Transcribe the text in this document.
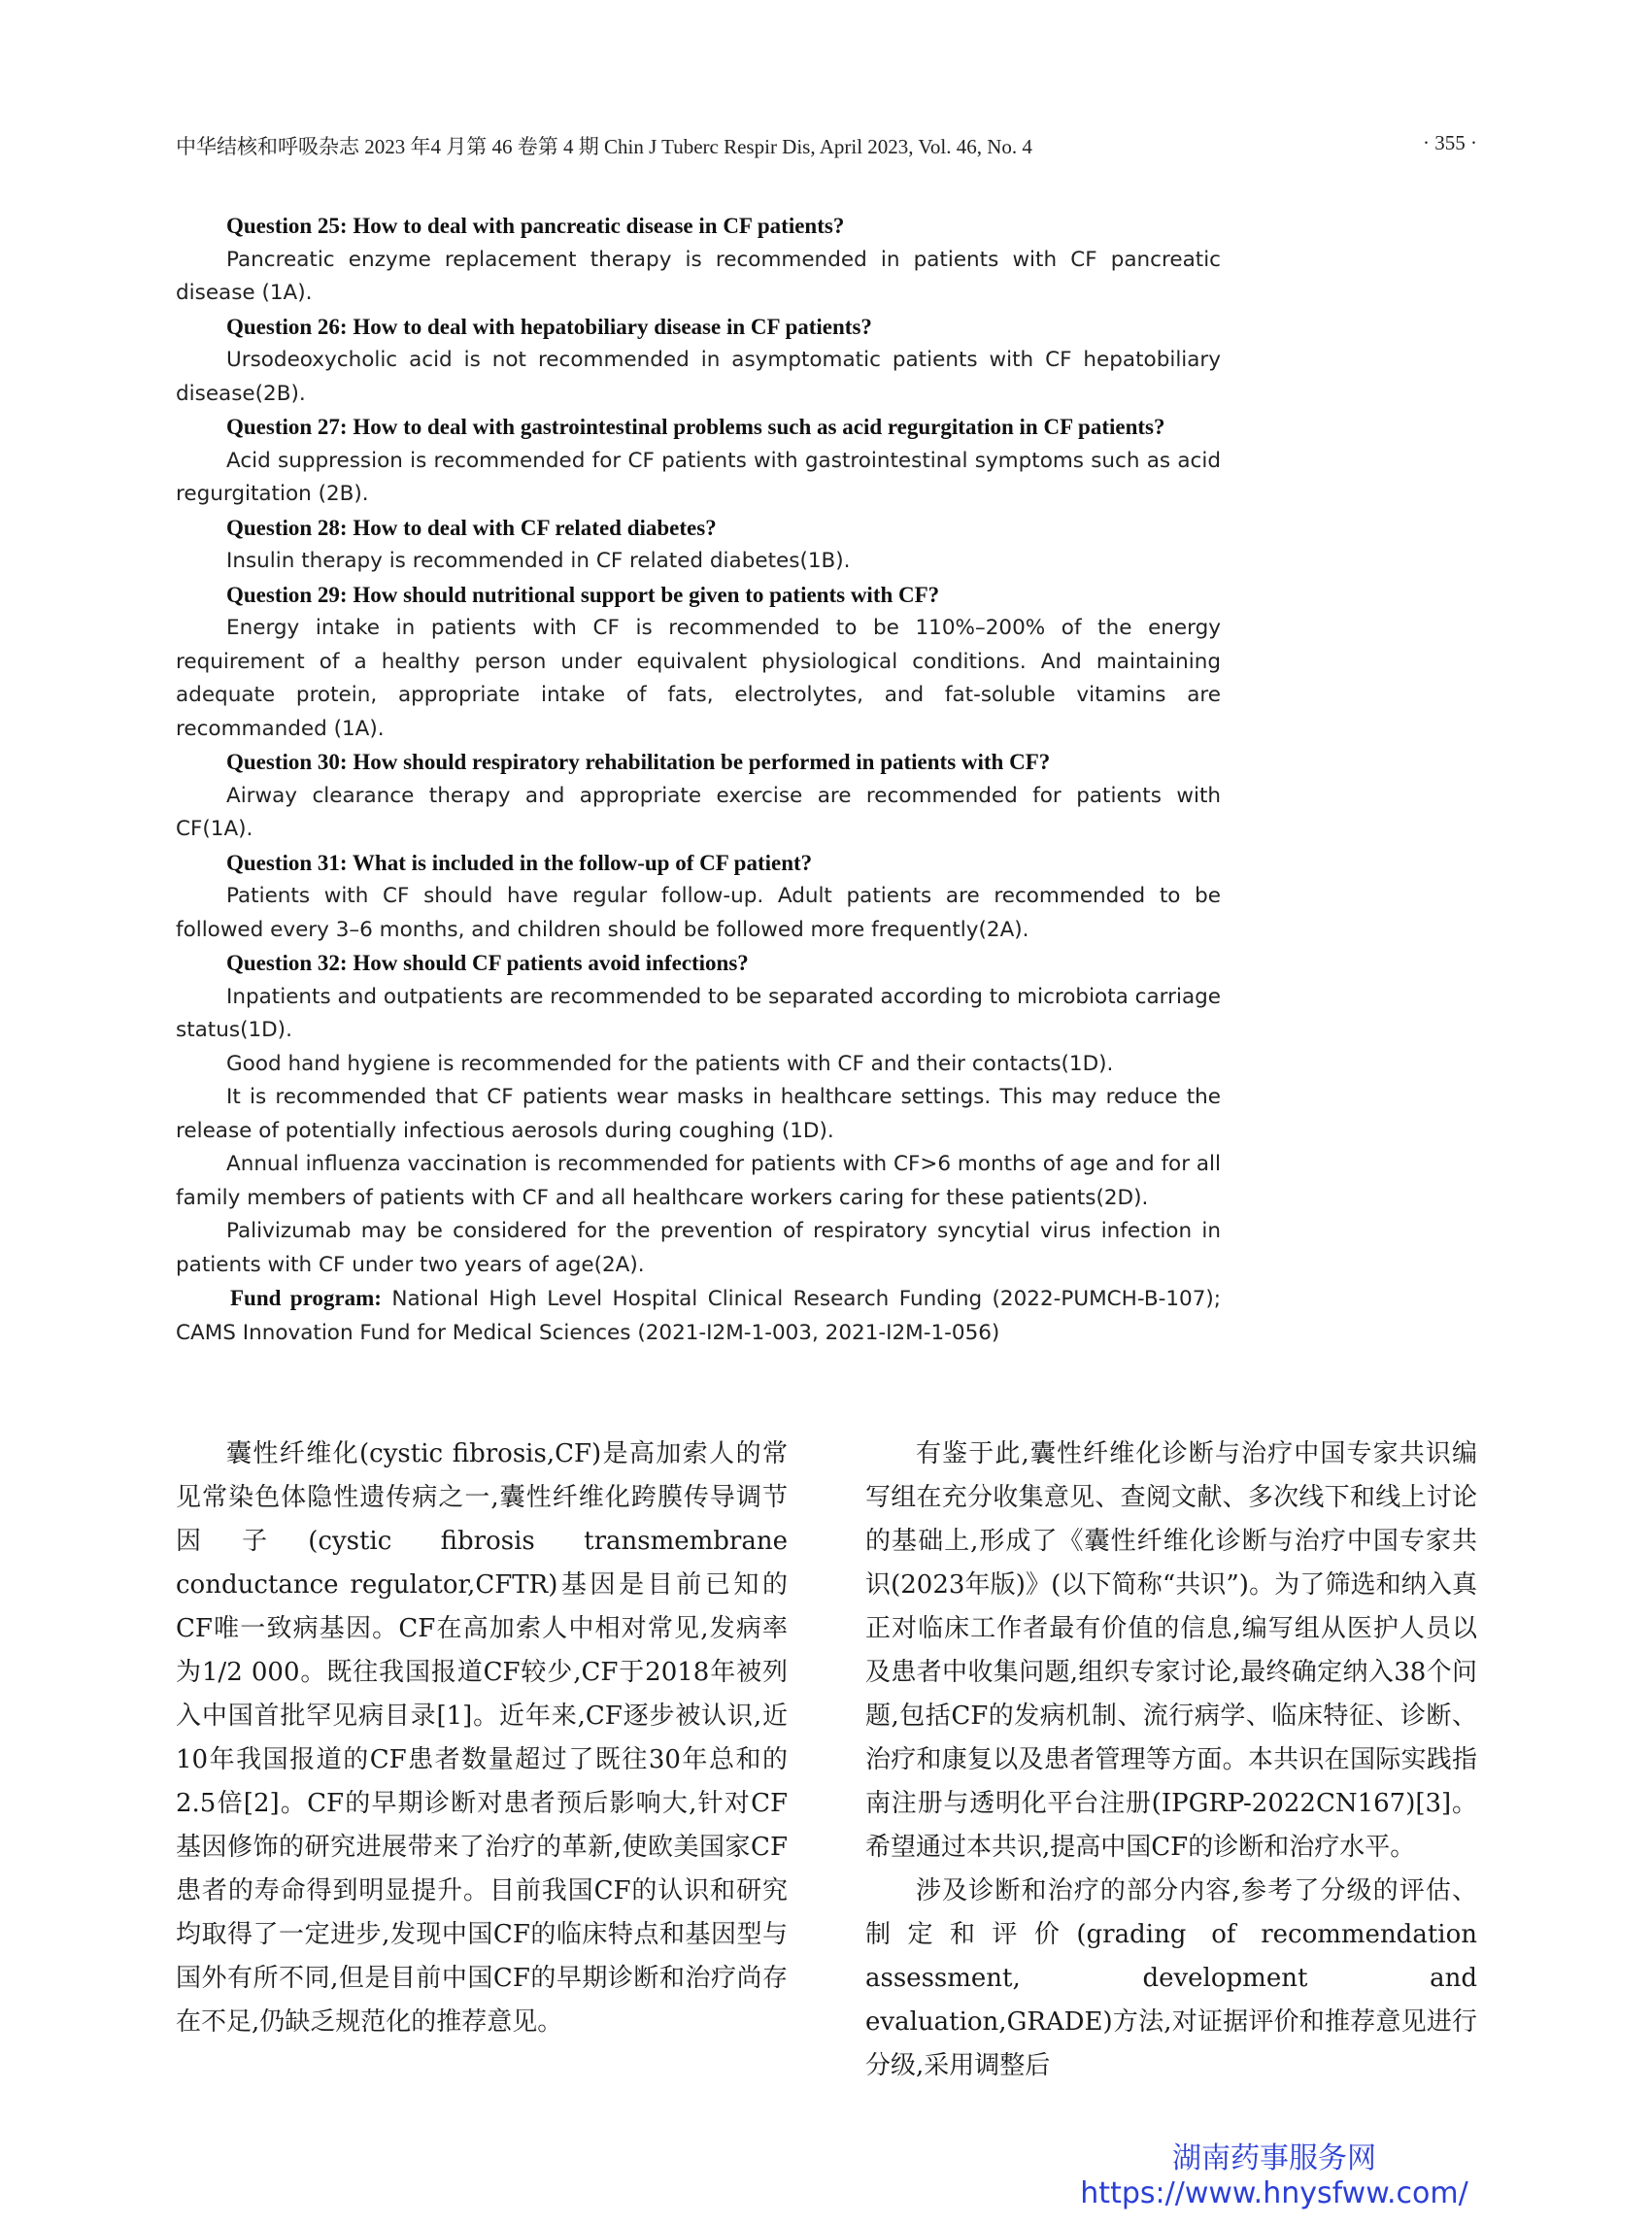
中华结核和呼吸杂志 2023 年4 月第 46 卷第 4 期 Chin J Tuberc Respir Dis, April 2023, Vol. 46, No. 4	· 355 ·
Question 25: How to deal with pancreatic disease in CF patients?
Pancreatic enzyme replacement therapy is recommended in patients with CF pancreatic disease (1A).
Question 26: How to deal with hepatobiliary disease in CF patients?
Ursodeoxycholic acid is not recommended in asymptomatic patients with CF hepatobiliary disease(2B).
Question 27: How to deal with gastrointestinal problems such as acid regurgitation in CF patients?
Acid suppression is recommended for CF patients with gastrointestinal symptoms such as acid regurgitation (2B).
Question 28: How to deal with CF related diabetes?
Insulin therapy is recommended in CF related diabetes(1B).
Question 29: How should nutritional support be given to patients with CF?
Energy intake in patients with CF is recommended to be 110%–200% of the energy requirement of a healthy person under equivalent physiological conditions. And maintaining adequate protein, appropriate intake of fats, electrolytes, and fat-soluble vitamins are recommanded (1A).
Question 30: How should respiratory rehabilitation be performed in patients with CF?
Airway clearance therapy and appropriate exercise are recommended for patients with CF(1A).
Question 31: What is included in the follow-up of CF patient?
Patients with CF should have regular follow-up. Adult patients are recommended to be followed every 3–6 months, and children should be followed more frequently(2A).
Question 32: How should CF patients avoid infections?
Inpatients and outpatients are recommended to be separated according to microbiota carriage status(1D).
Good hand hygiene is recommended for the patients with CF and their contacts(1D).
It is recommended that CF patients wear masks in healthcare settings. This may reduce the release of potentially infectious aerosols during coughing (1D).
Annual influenza vaccination is recommended for patients with CF>6 months of age and for all family members of patients with CF and all healthcare workers caring for these patients(2D).
Palivizumab may be considered for the prevention of respiratory syncytial virus infection in patients with CF under two years of age(2A).
Fund program: National High Level Hospital Clinical Research Funding (2022-PUMCH-B-107); CAMS Innovation Fund for Medical Sciences (2021-I2M-1-003, 2021-I2M-1-056)

囊性纤维化(cystic fibrosis,CF)是高加索人的常见常染色体隐性遗传病之一,囊性纤维化跨膜传导调节因子(cystic fibrosis transmembrane conductance regulator,CFTR)基因是目前已知的CF唯一致病基因。CF在高加索人中相对常见,发病率为1/2 000。既往我国报道CF较少,CF于2018年被列入中国首批罕见病目录[1]。近年来,CF逐步被认识,近10年我国报道的CF患者数量超过了既往30年总和的2.5倍[2]。CF的早期诊断对患者预后影响大,针对CF基因修饰的研究进展带来了治疗的革新,使欧美国家CF患者的寿命得到明显提升。目前我国CF的认识和研究均取得了一定进步,发现中国CF的临床特点和基因型与国外有所不同,但是目前中国CF的早期诊断和治疗尚存在不足,仍缺乏规范化的推荐意见。

有鉴于此,囊性纤维化诊断与治疗中国专家共识编写组在充分收集意见、查阅文献、多次线下和线上讨论的基础上,形成了《囊性纤维化诊断与治疗中国专家共识(2023年版)》(以下简称“共识”)。为了筛选和纳入真正对临床工作者最有价值的信息,编写组从医护人员以及患者中收集问题,组织专家讨论,最终确定纳入38个问题,包括CF的发病机制、流行病学、临床特征、诊断、治疗和康复以及患者管理等方面。本共识在国际实践指南注册与透明化平台注册(IPGRP-2022CN167)[3]。希望通过本共识,提高中国CF的诊断和治疗水平。

涉及诊断和治疗的部分内容,参考了分级的评估、制定和评价(grading of recommendation assessment, development and evaluation,GRADE)方法,对证据评价和推荐意见进行分级,采用调整后

湖南药事服务网
https://www.hnysfww.com/
